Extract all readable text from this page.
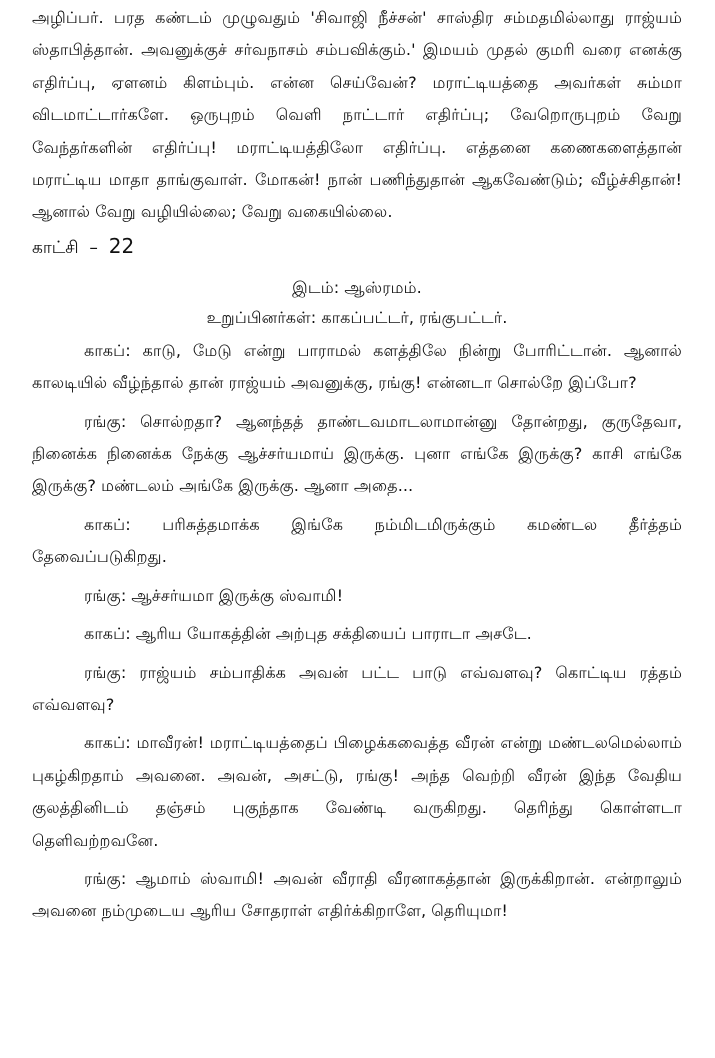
அழிப்பர். பரத கண்டம் முழுவதும் 'சிவாஜி நீச்சன்' சாஸ்திர சம்மதமில்லாது ராஜ்யம் ஸ்தாபித்தான். அவனுக்குச் சர்வநாசம் சம்பவிக்கும்.' இமயம் முதல் குமரி வரை எனக்கு எதிர்ப்பு, ஏளனம் கிளம்பும். என்ன செய்வேன்? மராட்டியத்தை அவர்கள் சும்மா விடமாட்டார்களே. ஒருபுறம் வெளி நாட்டார் எதிர்ப்பு; வேறொருபுறம் வேறு வேந்தர்களின் எதிர்ப்பு! மராட்டியத்திலோ எதிர்ப்பு. எத்தனை கணைகளைத்தான் மராட்டிய மாதா தாங்குவாள். மோகன்! நான் பணிந்துதான் ஆகவேண்டும்; வீழ்ச்சிதான்! ஆனால் வேறு வழியில்லை; வேறு வகையில்லை.

காட்சி – 22

இடம்: ஆஸ்ரமம்.

உறுப்பினர்கள்: காகப்பட்டர், ரங்குபட்டர்.

காகப்: காடு, மேடு என்று பாராமல் களத்திலே நின்று போரிட்டான். ஆனால் காலடியில் வீழ்ந்தால் தான் ராஜ்யம் அவனுக்கு, ரங்கு! என்னடா சொல்றே இப்போ?

ரங்கு: சொல்றதா? ஆனந்தத் தாண்டவமாடலாமான்னு தோன்றது, குருதேவா, நினைக்க நினைக்க நேக்கு ஆச்சர்யமாய் இருக்கு. புனா எங்கே இருக்கு? காசி எங்கே இருக்கு? மண்டலம் அங்கே இருக்கு. ஆனா அதை...

காகப்: பரிசுத்தமாக்க இங்கே நம்மிடமிருக்கும் கமண்டல தீர்த்தம் தேவைப்படுகிறது.

ரங்கு: ஆச்சர்யமா இருக்கு ஸ்வாமி!

காகப்: ஆரிய யோகத்தின் அற்புத சக்தியைப் பாராடா அசடே.

ரங்கு: ராஜ்யம் சம்பாதிக்க அவன் பட்ட பாடு எவ்வளவு? கொட்டிய ரத்தம் எவ்வளவு?

காகப்: மாவீரன்! மராட்டியத்தைப் பிழைக்கவைத்த வீரன் என்று மண்டலமெல்லாம் புகழ்கிறதாம் அவனை. அவன், அசட்டு, ரங்கு! அந்த வெற்றி வீரன் இந்த வேதிய குலத்தினிடம் தஞ்சம் புகுந்தாக வேண்டி வருகிறது. தெரிந்து கொள்ளடா தெளிவற்றவனே.

ரங்கு: ஆமாம் ஸ்வாமி! அவன் வீராதி வீரனாகத்தான் இருக்கிறான். என்றாலும் அவனை நம்முடைய ஆரிய சோதராள் எதிர்க்கிறாளே, தெரியுமா!
